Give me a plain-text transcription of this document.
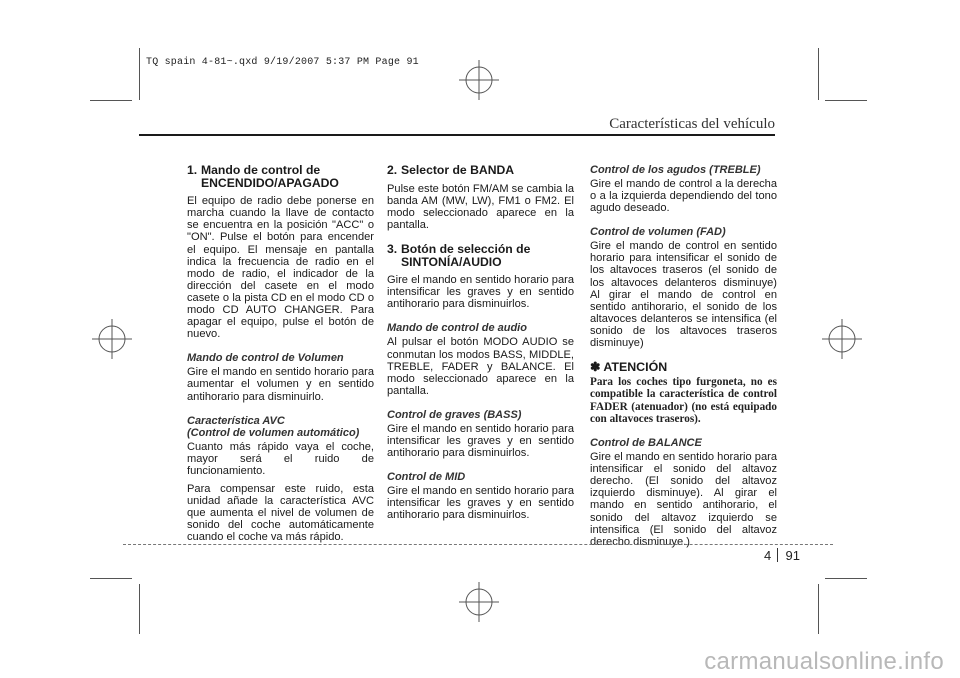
TQ spain 4-81~.qxd 9/19/2007 5:37 PM Page 91
Características del vehículo
1. Mando de control de
ENCENDIDO/APAGADO

El equipo de radio debe ponerse en marcha cuando la llave de contacto se encuentra en la posición "ACC" o "ON". Pulse el botón para encender el equipo. El mensaje en pantalla indica la frecuencia de radio en el modo de radio, el indicador de la dirección del casete en el modo casete o la pista CD en el modo CD o modo CD AUTO CHANGER. Para apagar el equipo, pulse el botón de nuevo.

Mando de control de Volumen

Gire el mando en sentido horario para aumentar el volumen y en sentido antihorario para disminuirlo.

Característica AVC
(Control de volumen automático)

Cuanto más rápido vaya el coche, mayor será el ruido de funcionamiento.

Para compensar este ruido, esta unidad añade la característica AVC que aumenta el nivel de volumen de sonido del coche automáticamente cuando el coche va más rápido.

2. Selector de BANDA

Pulse este botón FM/AM se cambia la banda AM (MW, LW), FM1 o FM2. El modo seleccionado aparece en la pantalla.

3. Botón de selección de
SINTONÍA/AUDIO

Gire el mando en sentido horario para intensificar les graves y en sentido antihorario para disminuirlos.

Mando de control de audio

Al pulsar el botón MODO AUDIO se conmutan los modos BASS, MIDDLE, TREBLE, FADER y BALANCE. El modo seleccionado aparece en la pantalla.

Control de graves (BASS)

Gire el mando en sentido horario para intensificar les graves y en sentido antihorario para disminuirlos.

Control de MID

Gire el mando en sentido horario para intensificar les graves y en sentido antihorario para disminuirlos.

Control de los agudos (TREBLE)

Gire el mando de control a la derecha o a la izquierda dependiendo del tono agudo deseado.

Control de volumen (FAD)

Gire el mando de control en sentido horario para intensificar el sonido de los altavoces traseros (el sonido de los altavoces delanteros disminuye) Al girar el mando de control en sentido antihorario, el sonido de los altavoces delanteros se intensifica (el sonido de los altavoces traseros disminuye)

✽ ATENCIÓN

Para los coches tipo furgoneta, no es compatible la característica de control FADER (atenuador) (no está equipado con altavoces traseros).

Control de BALANCE

Gire el mando en sentido horario para intensificar el sonido del altavoz derecho. (El sonido del altavoz izquierdo disminuye). Al girar el mando en sentido antihorario, el sonido del altavoz izquierdo se intensifica (El sonido del altavoz derecho disminuye.)

4 91
carmanualsonline.info
